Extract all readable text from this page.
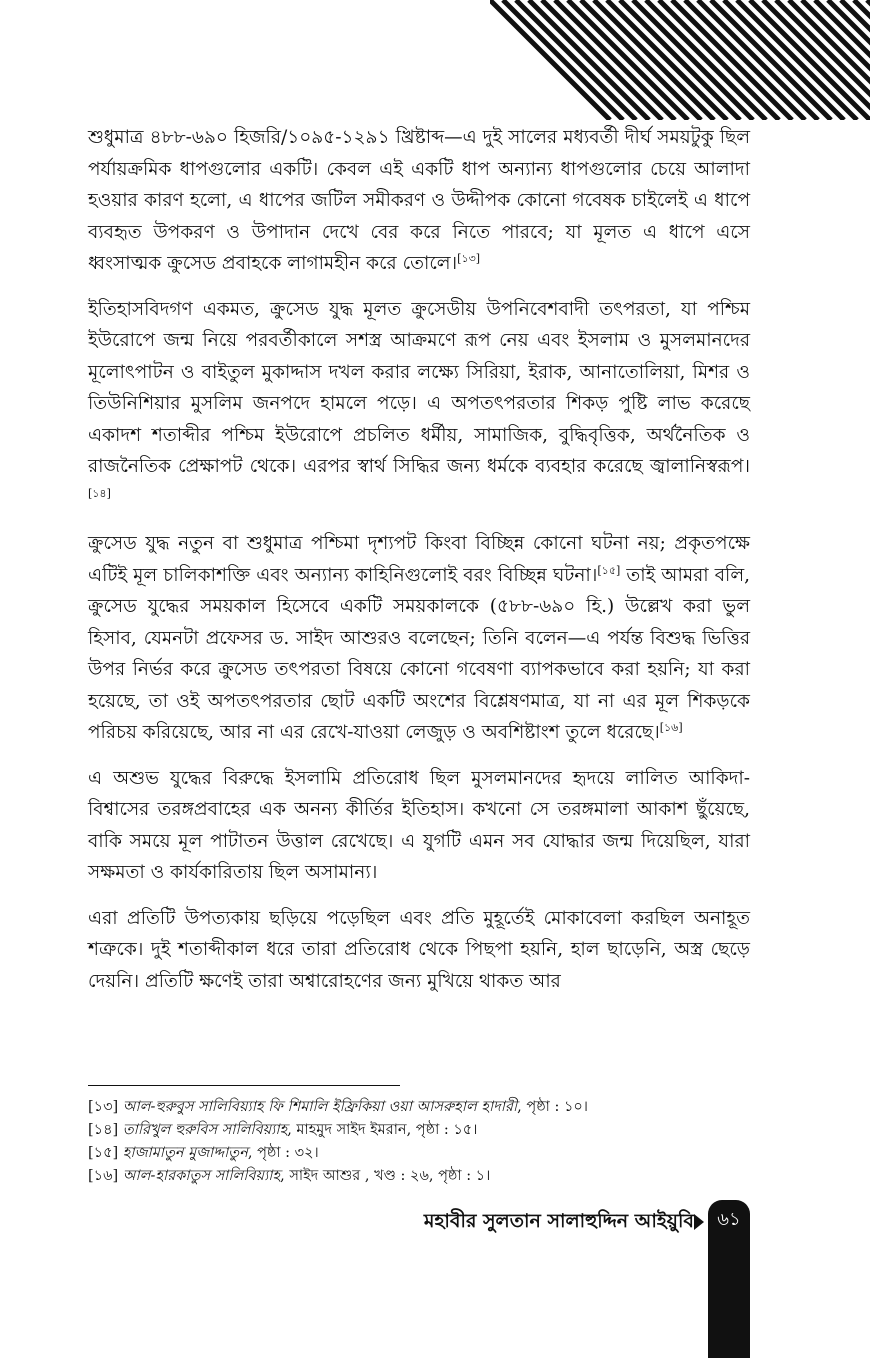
শুধুমাত্র ৪৮৮-৬৯০ হিজরি/১০৯৫-১২৯১ খ্রিষ্টাব্দ—এ দুই সালের মধ্যবর্তী দীর্ঘ সময়টুকু ছিল পর্যায়ক্রমিক ধাপগুলোর একটি। কেবল এই একটি ধাপ অন্যান্য ধাপগুলোর চেয়ে আলাদা হওয়ার কারণ হলো, এ ধাপের জটিল সমীকরণ ও উদ্দীপক কোনো গবেষক চাইলেই এ ধাপে ব্যবহৃত উপকরণ ও উপাদান দেখে বের করে নিতে পারবে; যা মূলত এ ধাপে এসে ধ্বংসাত্মক ক্রুসেড প্রবাহকে লাগামহীন করে তোলে।[১৩]

ইতিহাসবিদগণ একমত, ক্রুসেড যুদ্ধ মূলত ক্রুসেডীয় উপনিবেশবাদী তৎপরতা, যা পশ্চিম ইউরোপে জন্ম নিয়ে পরবর্তীকালে সশস্ত্র আক্রমণে রূপ নেয় এবং ইসলাম ও মুসলমানদের মূলোৎপাটন ও বাইতুল মুকাদ্দাস দখল করার লক্ষ্যে সিরিয়া, ইরাক, আনাতোলিয়া, মিশর ও তিউনিশিয়ার মুসলিম জনপদে হামলে পড়ে। এ অপতৎপরতার শিকড় পুষ্টি লাভ করেছে একাদশ শতাব্দীর পশ্চিম ইউরোপে প্রচলিত ধর্মীয়, সামাজিক, বুদ্ধিবৃত্তিক, অর্থনৈতিক ও রাজনৈতিক প্রেক্ষাপট থেকে। এরপর স্বার্থ সিদ্ধির জন্য ধর্মকে ব্যবহার করেছে জ্বালানিস্বরূপ।[১৪]

ক্রুসেড যুদ্ধ নতুন বা শুধুমাত্র পশ্চিমা দৃশ্যপট কিংবা বিচ্ছিন্ন কোনো ঘটনা নয়; প্রকৃতপক্ষে এটিই মূল চালিকাশক্তি এবং অন্যান্য কাহিনিগুলোই বরং বিচ্ছিন্ন ঘটনা।[১৫] তাই আমরা বলি, ক্রুসেড যুদ্ধের সময়কাল হিসেবে একটি সময়কালকে (৫৮৮-৬৯০ হি.) উল্লেখ করা ভুল হিসাব, যেমনটা প্রফেসর ড. সাইদ আশুরও বলেছেন; তিনি বলেন—এ পর্যন্ত বিশুদ্ধ ভিত্তির উপর নির্ভর করে ক্রুসেড তৎপরতা বিষয়ে কোনো গবেষণা ব্যাপকভাবে করা হয়নি; যা করা হয়েছে, তা ওই অপতৎপরতার ছোট একটি অংশের বিশ্লেষণমাত্র, যা না এর মূল শিকড়কে পরিচয় করিয়েছে, আর না এর রেখে-যাওয়া লেজুড় ও অবশিষ্টাংশ তুলে ধরেছে।[১৬]

এ অশুভ যুদ্ধের বিরুদ্ধে ইসলামি প্রতিরোধ ছিল মুসলমানদের হৃদয়ে লালিত আকিদা-বিশ্বাসের তরঙ্গপ্রবাহের এক অনন্য কীর্তির ইতিহাস। কখনো সে তরঙ্গমালা আকাশ ছুঁয়েছে, বাকি সময়ে মূল পাটাতন উত্তাল রেখেছে। এ যুগটি এমন সব যোদ্ধার জন্ম দিয়েছিল, যারা সক্ষমতা ও কার্যকারিতায় ছিল অসামান্য।

এরা প্রতিটি উপত্যকায় ছড়িয়ে পড়েছিল এবং প্রতি মুহূর্তেই মোকাবেলা করছিল অনাহূত শত্রুকে। দুই শতাব্দীকাল ধরে তারা প্রতিরোধ থেকে পিছপা হয়নি, হাল ছাড়েনি, অস্ত্র ছেড়ে দেয়নি। প্রতিটি ক্ষণেই তারা অশ্বারোহণের জন্য মুখিয়ে থাকত আর

[১৩] আল-হুরুবুস সালিবিয়্যাহ ফি শিমালি ইফ্রিকিয়া ওয়া আসরুহাল হাদারী, পৃষ্ঠা : ১০।
[১৪] তারিখুল হুরুবিস সালিবিয়্যাহ, মাহমুদ সাইদ ইমরান, পৃষ্ঠা : ১৫।
[১৫] হাজামাতুন মুজাদ্দাতুন, পৃষ্ঠা : ৩২।
[১৬] আল-হারকাতুস সালিবিয়্যাহ, সাইদ আশুর , খণ্ড : ২৬, পৃষ্ঠা : ১।
মহাবীর সুলতান সালাহুদ্দিন আইয়ুবি	৬১
